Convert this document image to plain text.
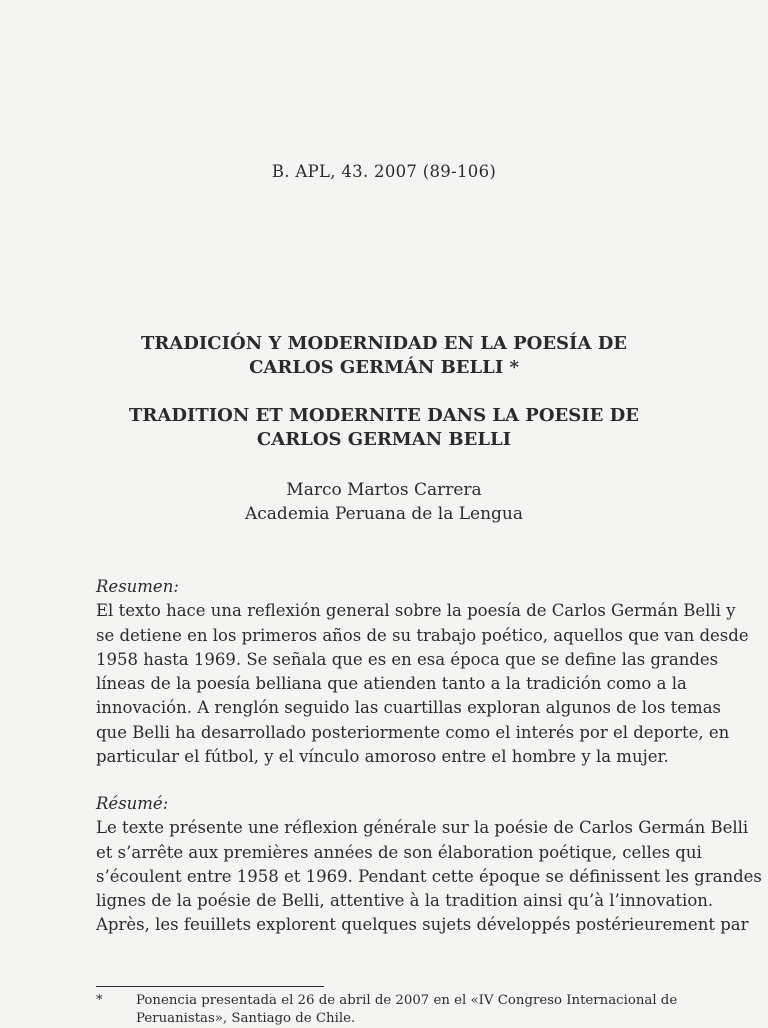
B. APL, 43. 2007 (89-106)
TRADICIÓN Y MODERNIDAD EN LA POESÍA DE
CARLOS GERMÁN BELLI *
TRADITION ET MODERNITE DANS LA POESIE DE
CARLOS GERMAN BELLI
Marco Martos Carrera
Academia Peruana de la Lengua
Resumen:
El texto hace una reflexión general sobre la poesía de Carlos Germán Belli y
se detiene en los primeros años de su trabajo poético, aquellos que van desde
1958 hasta 1969. Se señala que es en esa época que se define las grandes
líneas de la poesía belliana que atienden tanto a la tradición como a la
innovación. A renglón seguido las cuartillas exploran algunos de los temas
que Belli ha desarrollado posteriormente como el interés por el deporte, en
particular el fútbol, y el vínculo amoroso entre el hombre y la mujer.
Résumé:
Le texte présente une réflexion générale sur la poésie de Carlos Germán Belli
et s’arrête aux premières années de son élaboration poétique, celles qui
s’écoulent entre 1958 et 1969. Pendant cette époque se définissent les grandes
lignes de la poésie de Belli, attentive à la tradition ainsi qu’à l’innovation.
Après, les feuillets explorent quelques sujets développés postérieurement par
*	Ponencia presentada el 26 de abril de 2007 en el «IV Congreso Internacional de
Peruanistas», Santiago de Chile.
